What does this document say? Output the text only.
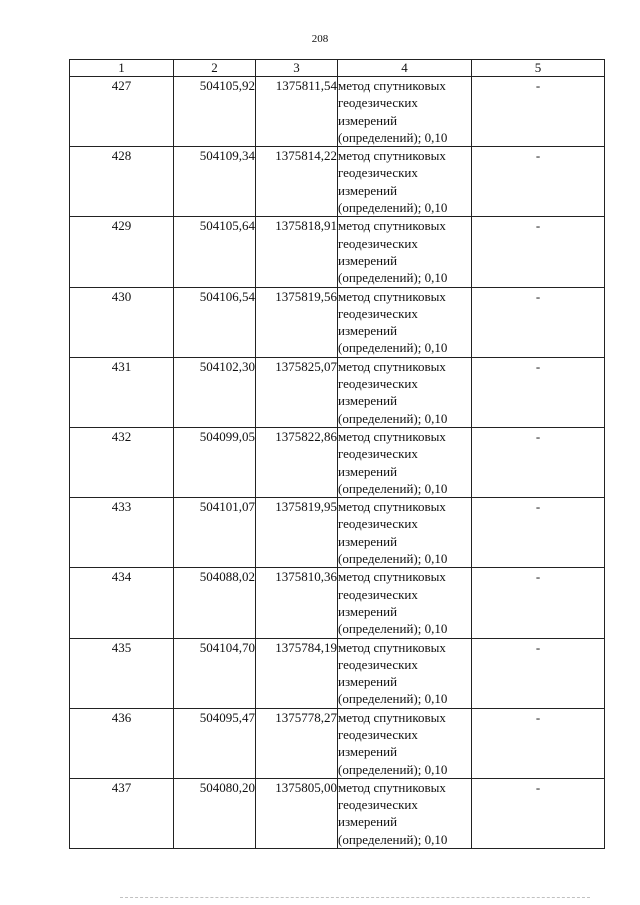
208
1	2	3	4	5
427	504105,92	1375811,54	метод спутниковых
геодезических
измерений
(определений); 0,10	-
428	504109,34	1375814,22	метод спутниковых
геодезических
измерений
(определений); 0,10	-
429	504105,64	1375818,91	метод спутниковых
геодезических
измерений
(определений); 0,10	-
430	504106,54	1375819,56	метод спутниковых
геодезических
измерений
(определений); 0,10	-
431	504102,30	1375825,07	метод спутниковых
геодезических
измерений
(определений); 0,10	-
432	504099,05	1375822,86	метод спутниковых
геодезических
измерений
(определений); 0,10	-
433	504101,07	1375819,95	метод спутниковых
геодезических
измерений
(определений); 0,10	-
434	504088,02	1375810,36	метод спутниковых
геодезических
измерений
(определений); 0,10	-
435	504104,70	1375784,19	метод спутниковых
геодезических
измерений
(определений); 0,10	-
436	504095,47	1375778,27	метод спутниковых
геодезических
измерений
(определений); 0,10	-
437	504080,20	1375805,00	метод спутниковых
геодезических
измерений
(определений); 0,10	-
